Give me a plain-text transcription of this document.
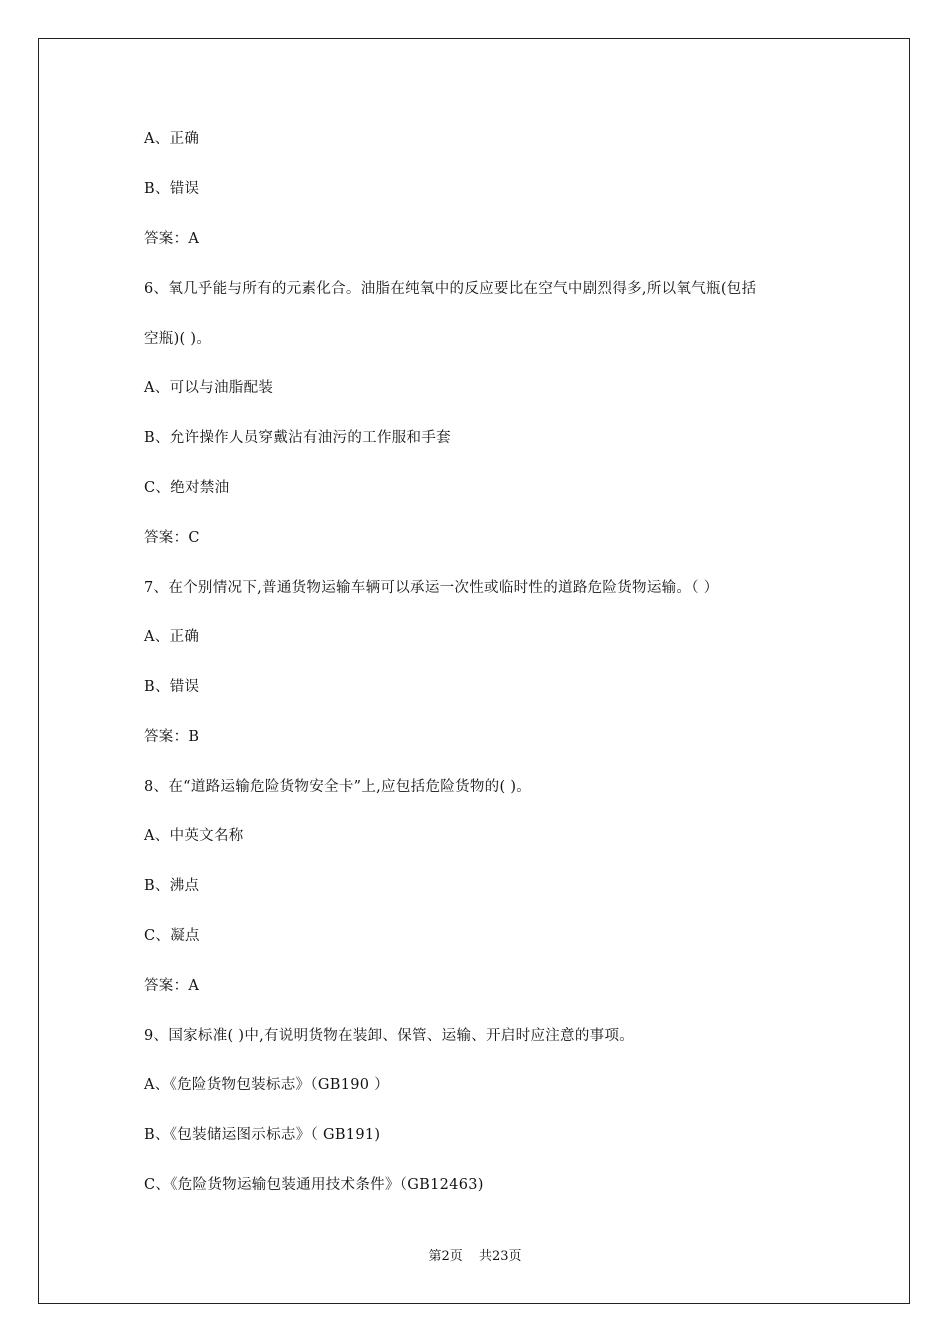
A、正确
B、错误
答案：A
6、氧几乎能与所有的元素化合。油脂在纯氧中的反应要比在空气中剧烈得多,所以氧气瓶(包括
空瓶)( )。
A、可以与油脂配装
B、允许操作人员穿戴沾有油污的工作服和手套
C、绝对禁油
答案：C
7、在个别情况下,普通货物运输车辆可以承运一次性或临时性的道路危险货物运输。（ ）
A、正确
B、错误
答案：B
8、在“道路运输危险货物安全卡”上,应包括危险货物的( )。
A、中英文名称
B、沸点
C、凝点
答案：A
9、国家标准( )中,有说明货物在装卸、保管、运输、开启时应注意的事项。
A、《危险货物包装标志》（GB190 ）
B、《包装储运图示标志》（ GB191)
C、《危险货物运输包装通用技术条件》（GB12463)
第2页 共23页
